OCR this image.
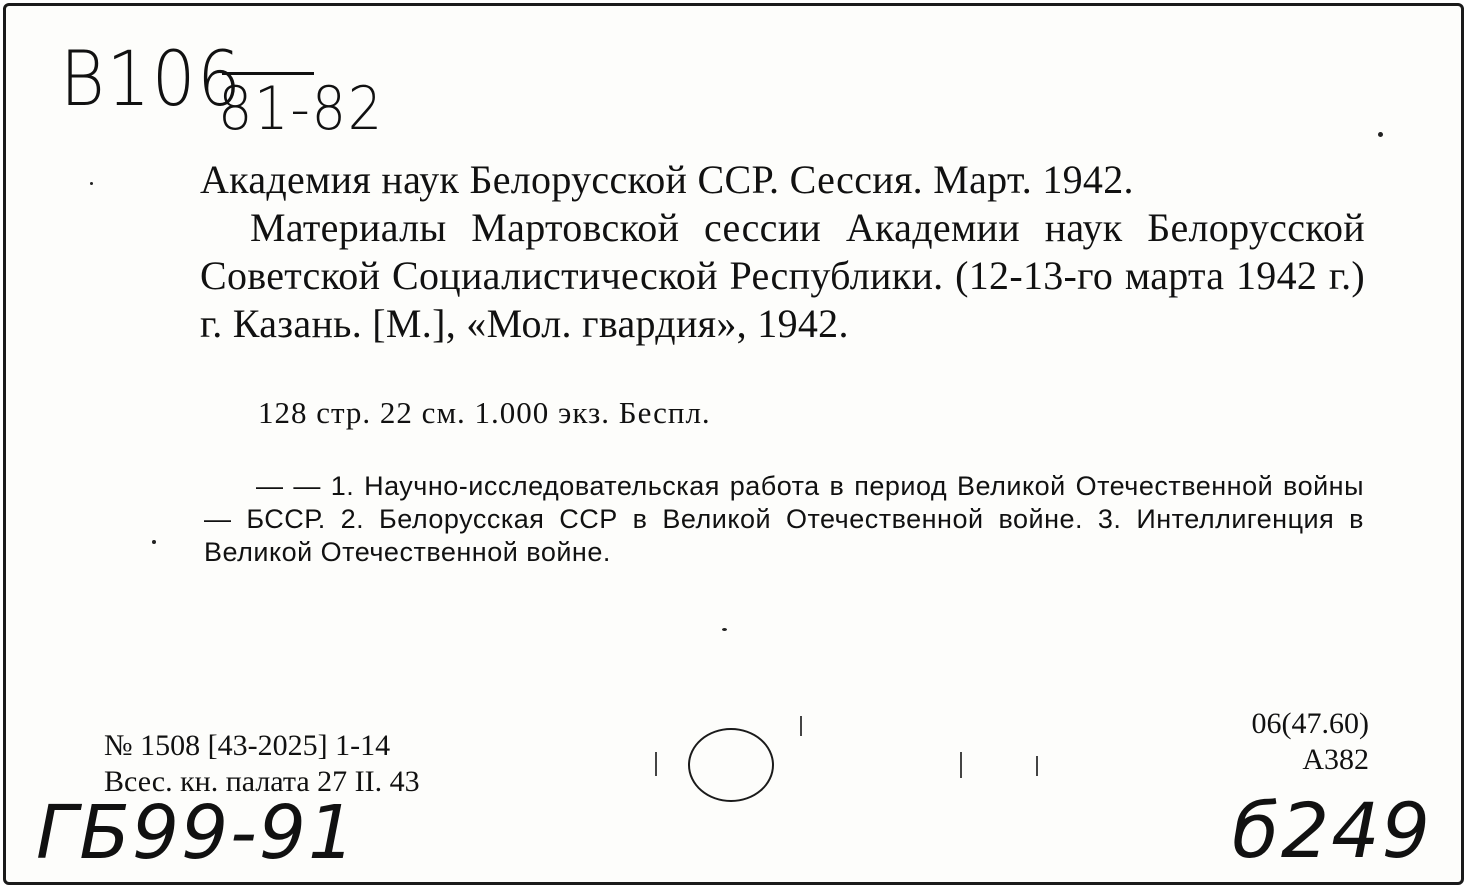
В106
81-82
Академия наук Белорусской ССР. Сессия. Март. 1942.
Материалы Мартовской сессии Академии наук Белорусской Советской Социалистической Республики. (12-13-го марта 1942 г.) г. Казань. [М.], «Мол. гвардия», 1942.
128 стр. 22 см. 1.000 экз. Беспл.
— — 1. Научно-исследовательская работа в период Великой Отечественной войны — БССР. 2. Белорусская ССР в Великой Отечественной войне. 3. Интеллигенция в Великой Отечественной войне.
№ 1508 [43-2025] 1-14
Всес. кн. палата 27 II. 43
06(47.60)
А382
ГБ99-91	б249
